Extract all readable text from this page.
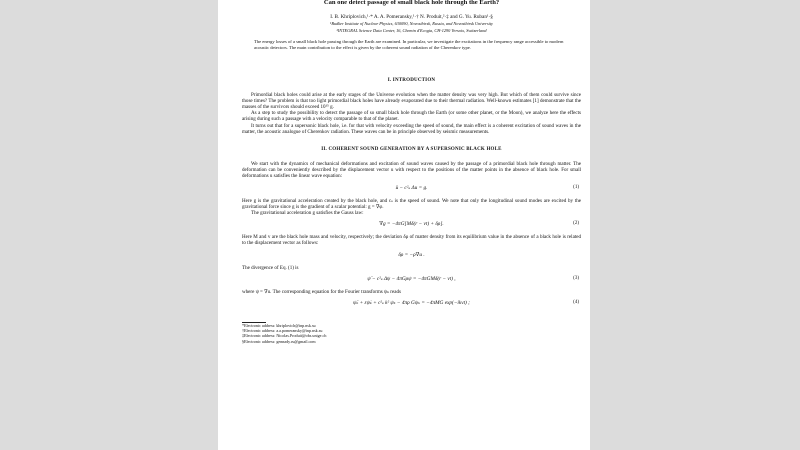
Can one detect passage of small black hole through the Earth?
I. B. Khriplovich,¹·* A. A. Pomeransky,¹·† N. Produit,²·‡ and G. Yu. Ruban¹·§
¹Budker Institute of Nuclear Physics, 630090, Novosibirsk, Russia, and Novosibirsk University
²INTEGRAL Science Data Center, 16, Chemin d'Ecogia, CH-1290 Versoix, Switzerland
The energy losses of a small black hole passing through the Earth are examined. In particular, we investigate the excitations in the frequency range accessible to modern acoustic detectors. The main contribution to the effect is given by the coherent sound radiation of the Cherenkov type.
I. INTRODUCTION

Primordial black holes could arise at the early stages of the Universe evolution when the matter density was very high. But which of them could survive since those times? The problem is that too light primordial black holes have already evaporated due to their thermal radiation. Well-known estimates [1] demonstrate that the masses of the survivors should exceed 10¹⁵ g.

As a step to study the possibility to detect the passage of so small black hole through the Earth (or some other planet, or the Moon), we analyze here the effects arising during such a passage with a velocity comparable to that of the planet.

It turns out that for a supersonic black hole, i.e. for that with velocity exceeding the speed of sound, the main effect is a coherent excitation of sound waves in the matter, the acoustic analogue of Cherenkov radiation. These waves can be in principle observed by seismic measurements.

II. COHERENT SOUND GENERATION BY A SUPERSONIC BLACK HOLE

We start with the dynamics of mechanical deformations and excitation of sound waves caused by the passage of a primordial black hole through matter. The deformation can be conveniently described by the displacement vector u with respect to the positions of the matter points in the absence of black hole. For small deformations u satisfies the linear wave equation:

ü − c²ₛ Δu = g.	(1)

Here g is the gravitational acceleration created by the black hole, and cₛ is the speed of sound. We note that only the longitudinal sound modes are excited by the gravitational force since g is the gradient of a scalar potential: g = ∇φ.

The gravitational acceleration g satisfies the Gauss law:

∇g = −4πG[Mδ(r − vt) + δρ].	(2)

Here M and v are the black hole mass and velocity, respectively; the deviation δρ of matter density from its equilibrium value in the absence of a black hole is related to the displacement vector as follows:

δρ = −ρ∇u .

The divergence of Eq. (1) is

ψ̈ − c²ₛ Δψ − 4πGρψ = −4πGMδ(r − vt) ,	(3)

where ψ = ∇u. The corresponding equation for the Fourier transforms ψₖ reads

ψ̈ₖ + εψ̇ₖ + c²ₛ k² ψₖ − 4πρ Gψₖ = −4πMG exp(−ikvt) ;	(4)
*Electronic address: khriplovich@inp.nsk.su
†Electronic address: a.a.pomeransky@inp.nsk.su
‡Electronic address: Nicolas.Produit@obs.unige.ch
§Electronic address: gennady.ru@gmail.com
